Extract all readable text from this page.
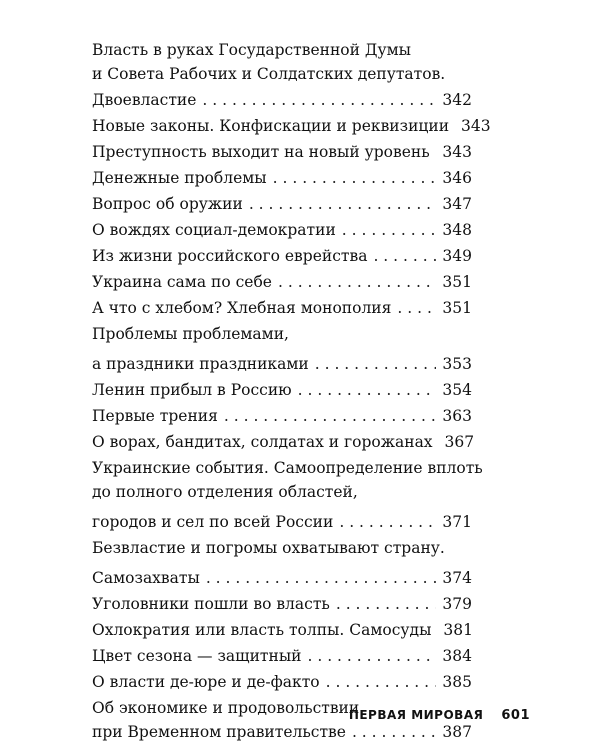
Власть в руках Государственной Думы
и Совета Рабочих и Солдатских депутатов.
Двоевластие . . .	342
Новые законы. Конфискации и реквизиции 343
Преступность выходит на новый уровень . . . 343
Денежные проблемы . . .	346
Вопрос об оружии . . .	347
О вождях социал-демократии . . .	348
Из жизни российского еврейства . . .	349
Украина сама по себе . . .	351
А что с хлебом? Хлебная монополия . . .	351
Проблемы проблемами,
а праздники праздниками . . .	353
Ленин прибыл в Россию . . .	354
Первые трения . . .	363
О ворах, бандитах, солдатах и горожанах 367
Украинские события. Самоопределение вплоть
до полного отделения областей,
городов и сел по всей России . . .	371
Безвластие и погромы охватывают страну.
Самозахваты . . .	374
Уголовники пошли во власть . . .	379
Охлократия или власть толпы. Самосуды 381
Цвет сезона — защитный . . .	384
О власти де-юре и де-факто . . .	385
Об экономике и продовольствии
при Временном правительстве . . .	387
ПЕРВАЯ МИРОВАЯ 601
